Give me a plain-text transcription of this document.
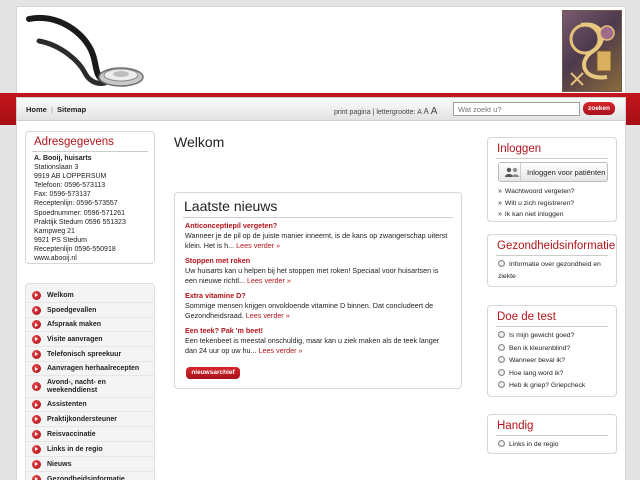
Home | Sitemap	print pagina | lettergrootte: A A A
Wat zoekt u?	zoeken
Adresgegevens
A. Booij, huisarts
Stationslaan 3
9919 AB LOPPERSUM
Telefoon: 0596-573113
Fax: 0596-573137
Receptenlijn: 0596-573557
Spoednummer: 0596-571261
Praktijk Stedum 0596 551323
Kampweg 21
9921 PS Stedum
Receptenlijn 0596-550918
www.abooij.nl
Welkom
Spoedgevallen
Afspraak maken
Visite aanvragen
Telefonisch spreekuur
Aanvragen herhaalrecepten
Avond-, nacht- en weekenddienst
Assistenten
Praktijkondersteuner
Reisvaccinatie
Links in de regio
Nieuws
Gezondheidsinformatie
Welkom
Laatste nieuws
Anticonceptiepil vergeten?
Wanneer je de pil op de juiste manier inneemt, is de kans op zwangerschap uiterst klein. Het is h... Lees verder »
Stoppen met roken
Uw huisarts kan u helpen bij het stoppen met roken! Speciaal voor huisartsen is een nieuwe richtl... Lees verder »
Extra vitamine D?
Sommige mensen krijgen onvoldoende vitamine D binnen. Dat concludeert de Gezondheidsraad. Lees verder »
Een teek? Pak 'm beet!
Een tekenbeet is meestal onschuldig, maar kan u ziek maken als de teek langer dan 24 uur op uw hu... Lees verder »
nieuwsarchief
Inloggen
Inloggen voor patiënten
» Wachtwoord vergeten?
» Wilt u zich registreren?
» Ik kan niet inloggen
Gezondheidsinformatie
Informatie over gezondheid en ziekte
Doe de test
Is mijn gewicht goed?
Ben ik kleurenblind?
Wanneer beval ik?
Hoe lang word ik?
Heb ik griep? Griepcheck
Handig
Links in de regio
